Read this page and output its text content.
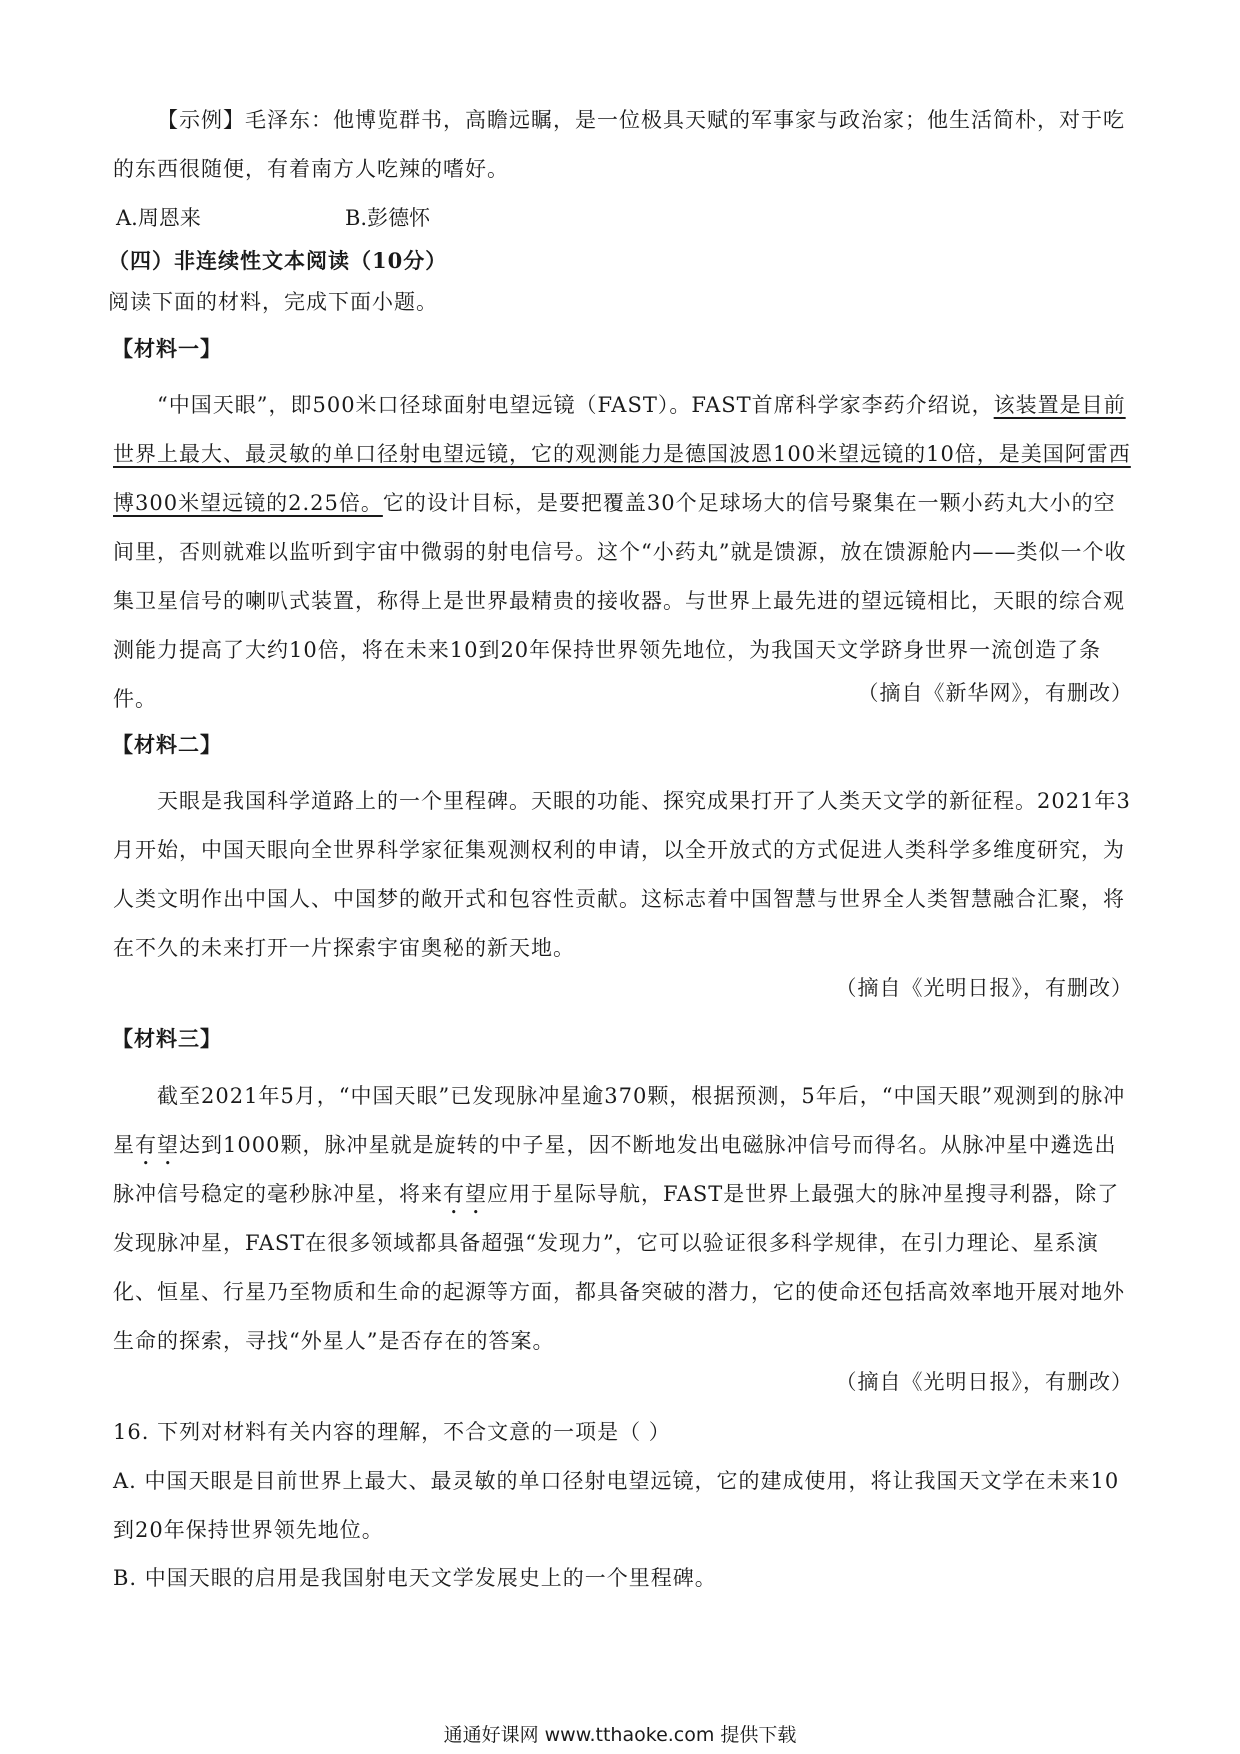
【示例】毛泽东：他博览群书，高瞻远瞩，是一位极具天赋的军事家与政治家；他生活简朴，对于吃的东西很随便，有着南方人吃辣的嗜好。

A.周恩来	B.彭德怀
（四）非连续性文本阅读（10分）
阅读下面的材料，完成下面小题。
【材料一】

“中国天眼”，即500米口径球面射电望远镜（FAST）。FAST首席科学家李药介绍说，该装置是目前世界上最大、最灵敏的单口径射电望远镜，它的观测能力是德国波恩100米望远镜的10倍，是美国阿雷西博300米望远镜的2.25倍。它的设计目标，是要把覆盖30个足球场大的信号聚集在一颗小药丸大小的空间里，否则就难以监听到宇宙中微弱的射电信号。这个“小药丸”就是馈源，放在馈源舱内——类似一个收集卫星信号的喇叭式装置，称得上是世界最精贵的接收器。与世界上最先进的望远镜相比，天眼的综合观测能力提高了大约10倍，将在未来10到20年保持世界领先地位，为我国天文学跻身世界一流创造了条件。	（摘自《新华网》，有删改）
【材料二】

天眼是我国科学道路上的一个里程碑。天眼的功能、探究成果打开了人类天文学的新征程。2021年3月开始，中国天眼向全世界科学家征集观测权利的申请，以全开放式的方式促进人类科学多维度研究，为人类文明作出中国人、中国梦的敞开式和包容性贡献。这标志着中国智慧与世界全人类智慧融合汇聚，将在不久的未来打开一片探索宇宙奥秘的新天地。

（摘自《光明日报》，有删改）
【材料三】

截至2021年5月，“中国天眼”已发现脉冲星逾370颗，根据预测，5年后，“中国天眼”观测到的脉冲星有望达到1000颗，脉冲星就是旋转的中子星，因不断地发出电磁脉冲信号而得名。从脉冲星中遴选出脉冲信号稳定的毫秒脉冲星，将来有望应用于星际导航，FAST是世界上最强大的脉冲星搜寻利器，除了发现脉冲星，FAST在很多领域都具备超强“发现力”，它可以验证很多科学规律，在引力理论、星系演化、恒星、行星乃至物质和生命的起源等方面，都具备突破的潜力，它的使命还包括高效率地开展对地外生命的探索，寻找“外星人”是否存在的答案。

（摘自《光明日报》，有删改）
16. 下列对材料有关内容的理解，不合文意的一项是（ ）

A. 中国天眼是目前世界上最大、最灵敏的单口径射电望远镜，它的建成使用，将让我国天文学在未来10到20年保持世界领先地位。

B. 中国天眼的启用是我国射电天文学发展史上的一个里程碑。
通通好课网 www.tthaoke.com 提供下载
